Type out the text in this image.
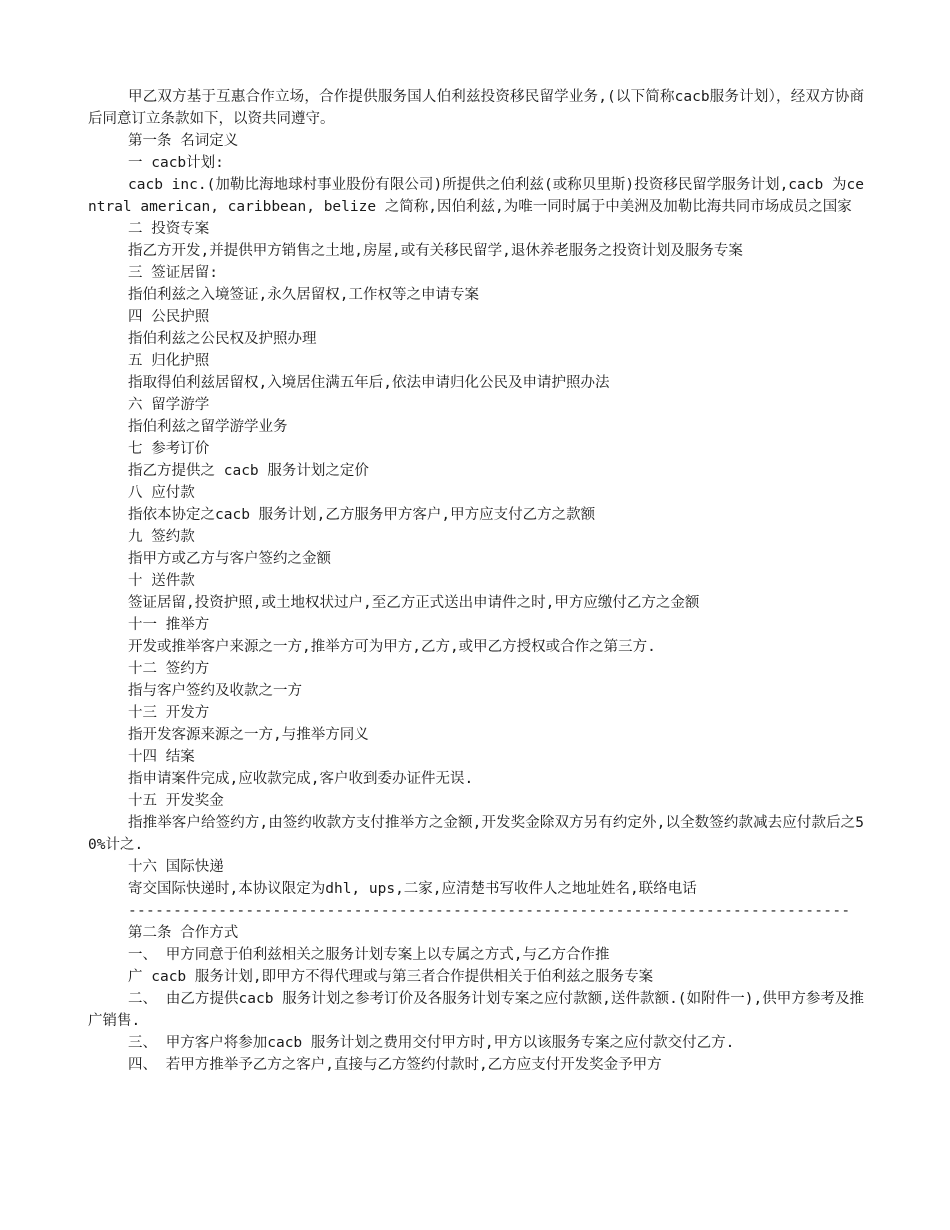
甲乙双方基于互惠合作立场，合作提供服务国人伯利兹投资移民留学业务,(以下简称cacb服务计划），经双方协商后同意订立条款如下，以资共同遵守。
第一条 名词定义
一 cacb计划:
cacb inc.(加勒比海地球村事业股份有限公司)所提供之伯利兹(或称贝里斯)投资移民留学服务计划,cacb 为central american, caribbean, belize 之简称,因伯利兹,为唯一同时属于中美洲及加勒比海共同市场成员之国家
二 投资专案
指乙方开发,并提供甲方销售之土地,房屋,或有关移民留学,退休养老服务之投资计划及服务专案
三 签证居留:
指伯利兹之入境签证,永久居留权,工作权等之申请专案
四 公民护照
指伯利兹之公民权及护照办理
五 归化护照
指取得伯利兹居留权,入境居住满五年后,依法申请归化公民及申请护照办法
六 留学游学
指伯利兹之留学游学业务
七 参考订价
指乙方提供之 cacb 服务计划之定价
八 应付款
指依本协定之cacb 服务计划,乙方服务甲方客户,甲方应支付乙方之款额
九 签约款
指甲方或乙方与客户签约之金额
十 送件款
签证居留,投资护照,或土地权状过户,至乙方正式送出申请件之时,甲方应缴付乙方之金额
十一 推举方
开发或推举客户来源之一方,推举方可为甲方,乙方,或甲乙方授权或合作之第三方.
十二 签约方
指与客户签约及收款之一方
十三 开发方
指开发客源来源之一方,与推举方同义
十四 结案
指申请案件完成,应收款完成,客户收到委办证件无误.
十五 开发奖金
指推举客户给签约方,由签约收款方支付推举方之金额,开发奖金除双方另有约定外,以全数签约款减去应付款后之50%计之.
十六 国际快递
寄交国际快递时,本协议限定为dhl, ups,二家,应清楚书写收件人之地址姓名,联络电话
--------------------------------------------------------------------------------
第二条 合作方式
一、 甲方同意于伯利兹相关之服务计划专案上以专属之方式,与乙方合作推
广 cacb 服务计划,即甲方不得代理或与第三者合作提供相关于伯利兹之服务专案
二、 由乙方提供cacb 服务计划之参考订价及各服务计划专案之应付款额,送件款额.(如附件一),供甲方参考及推广销售.
三、 甲方客户将参加cacb 服务计划之费用交付甲方时,甲方以该服务专案之应付款交付乙方.
四、 若甲方推举予乙方之客户,直接与乙方签约付款时,乙方应支付开发奖金予甲方
